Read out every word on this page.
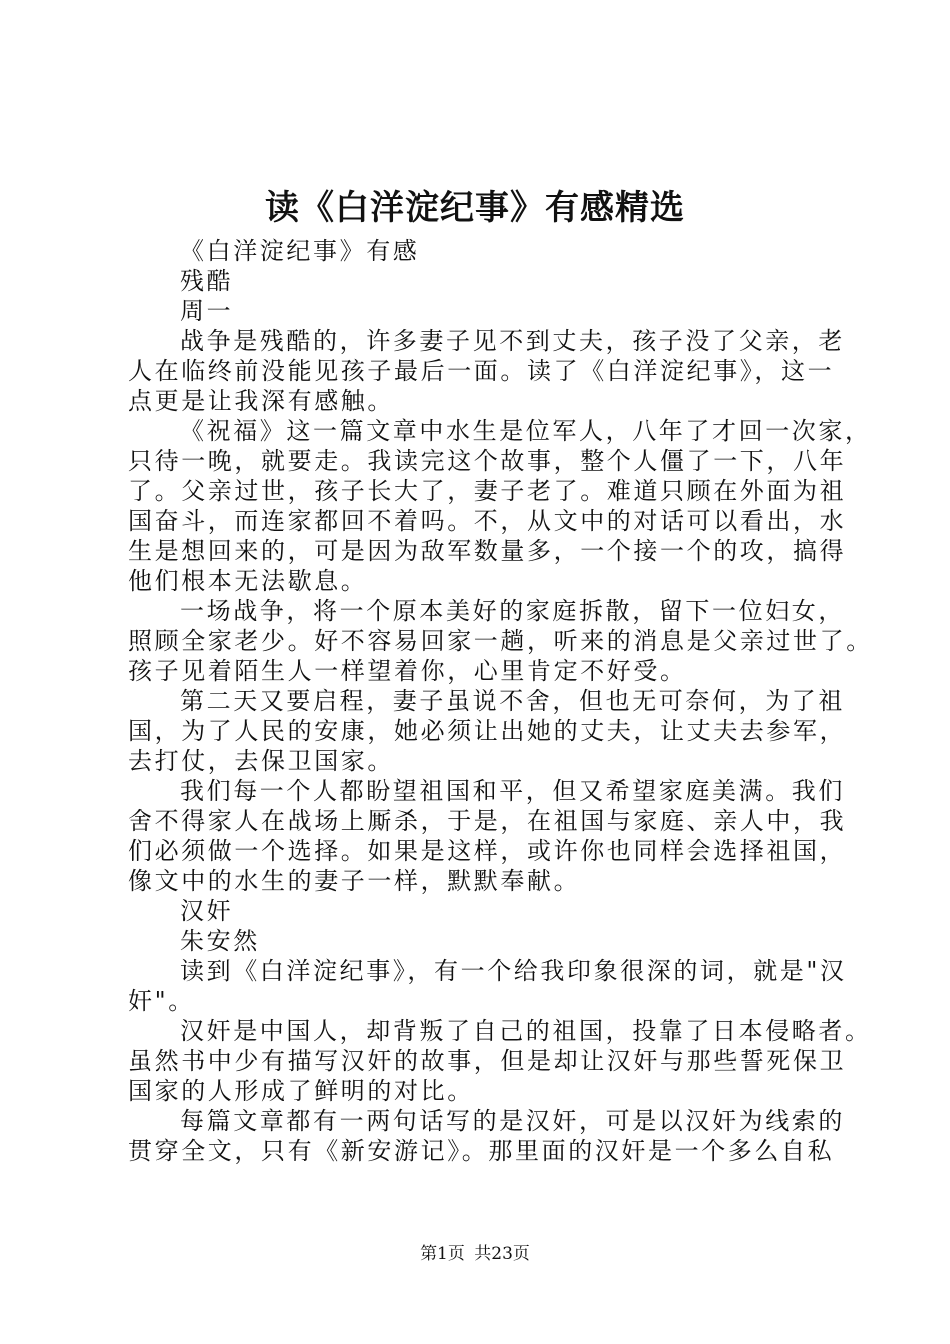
读《白洋淀纪事》有感精选

《白洋淀纪事》有感

残酷

周一

战争是残酷的，许多妻子见不到丈夫，孩子没了父亲，老

人在临终前没能见孩子最后一面。读了《白洋淀纪事》，这一

点更是让我深有感触。

《祝福》这一篇文章中水生是位军人，八年了才回一次家，

只待一晚，就要走。我读完这个故事，整个人僵了一下，八年

了。父亲过世，孩子长大了，妻子老了。难道只顾在外面为祖

国奋斗，而连家都回不着吗。不，从文中的对话可以看出，水

生是想回来的，可是因为敌军数量多，一个接一个的攻，搞得

他们根本无法歇息。

一场战争，将一个原本美好的家庭拆散，留下一位妇女，

照顾全家老少。好不容易回家一趟，听来的消息是父亲过世了。

孩子见着陌生人一样望着你，心里肯定不好受。

第二天又要启程，妻子虽说不舍，但也无可奈何，为了祖

国，为了人民的安康，她必须让出她的丈夫，让丈夫去参军，

去打仗，去保卫国家。

我们每一个人都盼望祖国和平，但又希望家庭美满。我们

舍不得家人在战场上厮杀，于是，在祖国与家庭、亲人中，我

们必须做一个选择。如果是这样，或许你也同样会选择祖国，

像文中的水生的妻子一样，默默奉献。

汉奸

朱安然

读到《白洋淀纪事》，有一个给我印象很深的词，就是"汉

奸"。

汉奸是中国人，却背叛了自己的祖国，投靠了日本侵略者。

虽然书中少有描写汉奸的故事，但是却让汉奸与那些誓死保卫

国家的人形成了鲜明的对比。

每篇文章都有一两句话写的是汉奸，可是以汉奸为线索的

贯穿全文，只有《新安游记》。那里面的汉奸是一个多么自私

第1页 共23页
